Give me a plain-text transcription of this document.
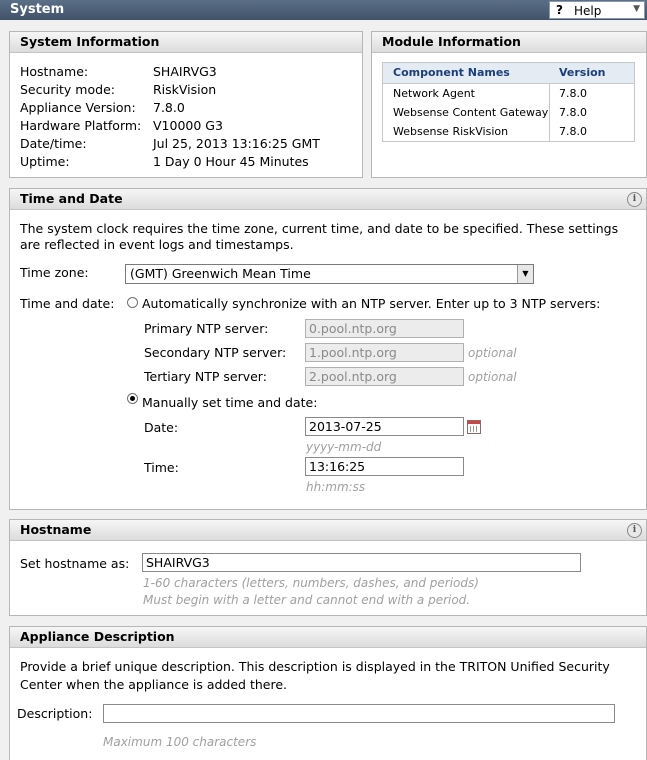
System	? Help	▼
System Information
Hostname:	SHAIRVG3
Security mode:	RiskVision
Appliance Version: 7.8.0
Hardware Platform: V10000 G3
Date/time:	Jul 25, 2013 13:16:25 GMT
Uptime:	1 Day 0 Hour 45 Minutes
Module Information
Component Names	Version
Network Agent	7.8.0
Websense Content Gateway 7.8.0
Websense RiskVision	7.8.0
Time and Date	i
The system clock requires the time zone, current time, and date to be specified. These settings
are reflected in event logs and timestamps.
Time zone:	(GMT) Greenwich Mean Time	▼
Time and date: Automatically synchronize with an NTP server. Enter up to 3 NTP servers:
Primary NTP server:	0.pool.ntp.org
Secondary NTP server:	1.pool.ntp.org	optional
Tertiary NTP server:	2.pool.ntp.org	optional
Manually set time and date:
Date:	2013-07-25
yyyy-mm-dd
Time:	13:16:25
hh:mm:ss
Hostname	i
Set hostname as:	SHAIRVG3
1-60 characters (letters, numbers, dashes, and periods)
Must begin with a letter and cannot end with a period.
Appliance Description
Provide a brief unique description. This description is displayed in the TRITON Unified Security
Center when the appliance is added there.
Description:
Maximum 100 characters
